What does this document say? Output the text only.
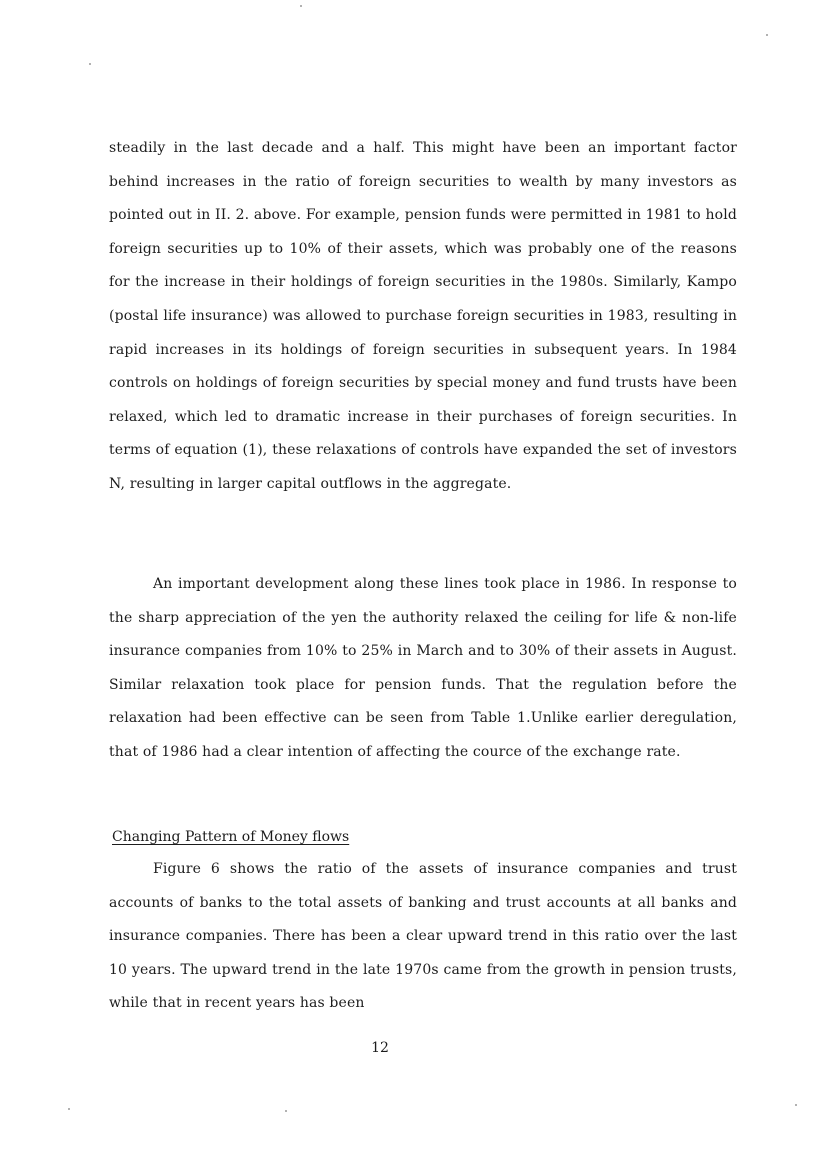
steadily in the last decade and a half. This might have been an important factor behind increases in the ratio of foreign securities to wealth by many investors as pointed out in II. 2. above. For example, pension funds were permitted in 1981 to hold foreign securities up to 10% of their assets, which was probably one of the reasons for the increase in their holdings of foreign securities in the 1980s. Similarly, Kampo (postal life insurance) was allowed to purchase foreign securities in 1983, resulting in rapid increases in its holdings of foreign securities in subsequent years. In 1984 controls on holdings of foreign securities by special money and fund trusts have been relaxed, which led to dramatic increase in their purchases of foreign securities. In terms of equation (1), these relaxations of controls have expanded the set of investors N, resulting in larger capital outflows in the aggregate.

An important development along these lines took place in 1986. In response to the sharp appreciation of the yen the authority relaxed the ceiling for life & non-life insurance companies from 10% to 25% in March and to 30% of their assets in August. Similar relaxation took place for pension funds. That the regulation before the relaxation had been effective can be seen from Table 1.Unlike earlier deregulation, that of 1986 had a clear intention of affecting the cource of the exchange rate.

Changing Pattern of Money flows

Figure 6 shows the ratio of the assets of insurance companies and trust accounts of banks to the total assets of banking and trust accounts at all banks and insurance companies. There has been a clear upward trend in this ratio over the last 10 years. The upward trend in the late 1970s came from the growth in pension trusts, while that in recent years has been

12
